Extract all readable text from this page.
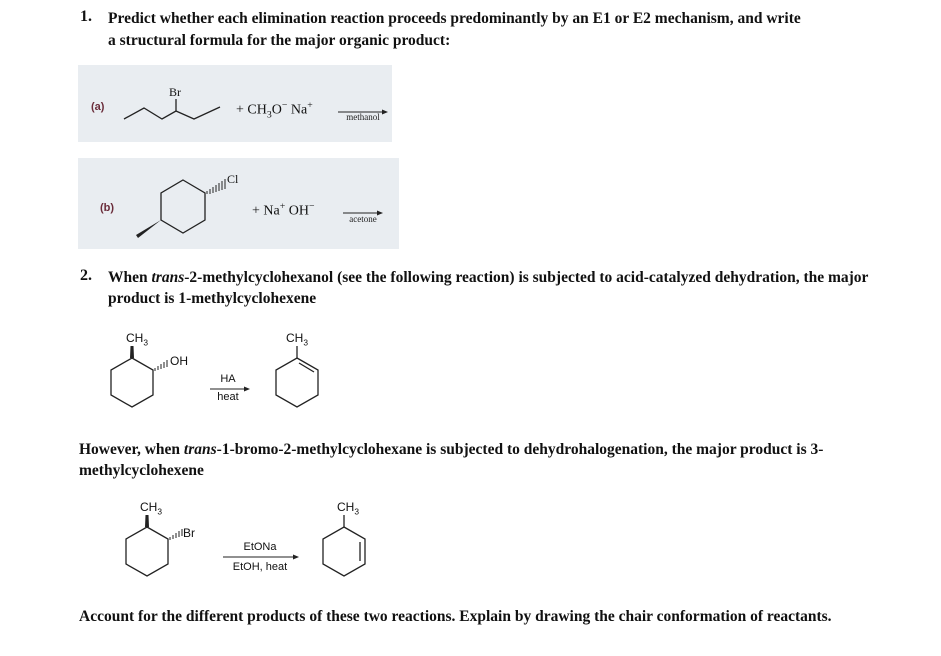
1. Predict whether each elimination reaction proceeds predominantly by an E1 or E2 mechanism, and write
a structural formula for the major organic product:
(a)
Br
+ $CH_3O^-$ Na+
methanol
(b)
Cl
+ Na+ OH−
acetone
2. When trans-2-methylcyclohexanol (see the following reaction) is subjected to acid-catalyzed dehydration, the major
product is 1-methylcyclohexene
$CH_3$
OH
HA
heat
$CH_3$
However, when trans-1-bromo-2-methylcyclohexane is subjected to dehydrohalogenation, the major product is 3-
methylcyclohexene
$CH_3$
Br
EtONa
EtOH, heat
$CH_3$
Account for the different products of these two reactions. Explain by drawing the chair conformation of reactants.
